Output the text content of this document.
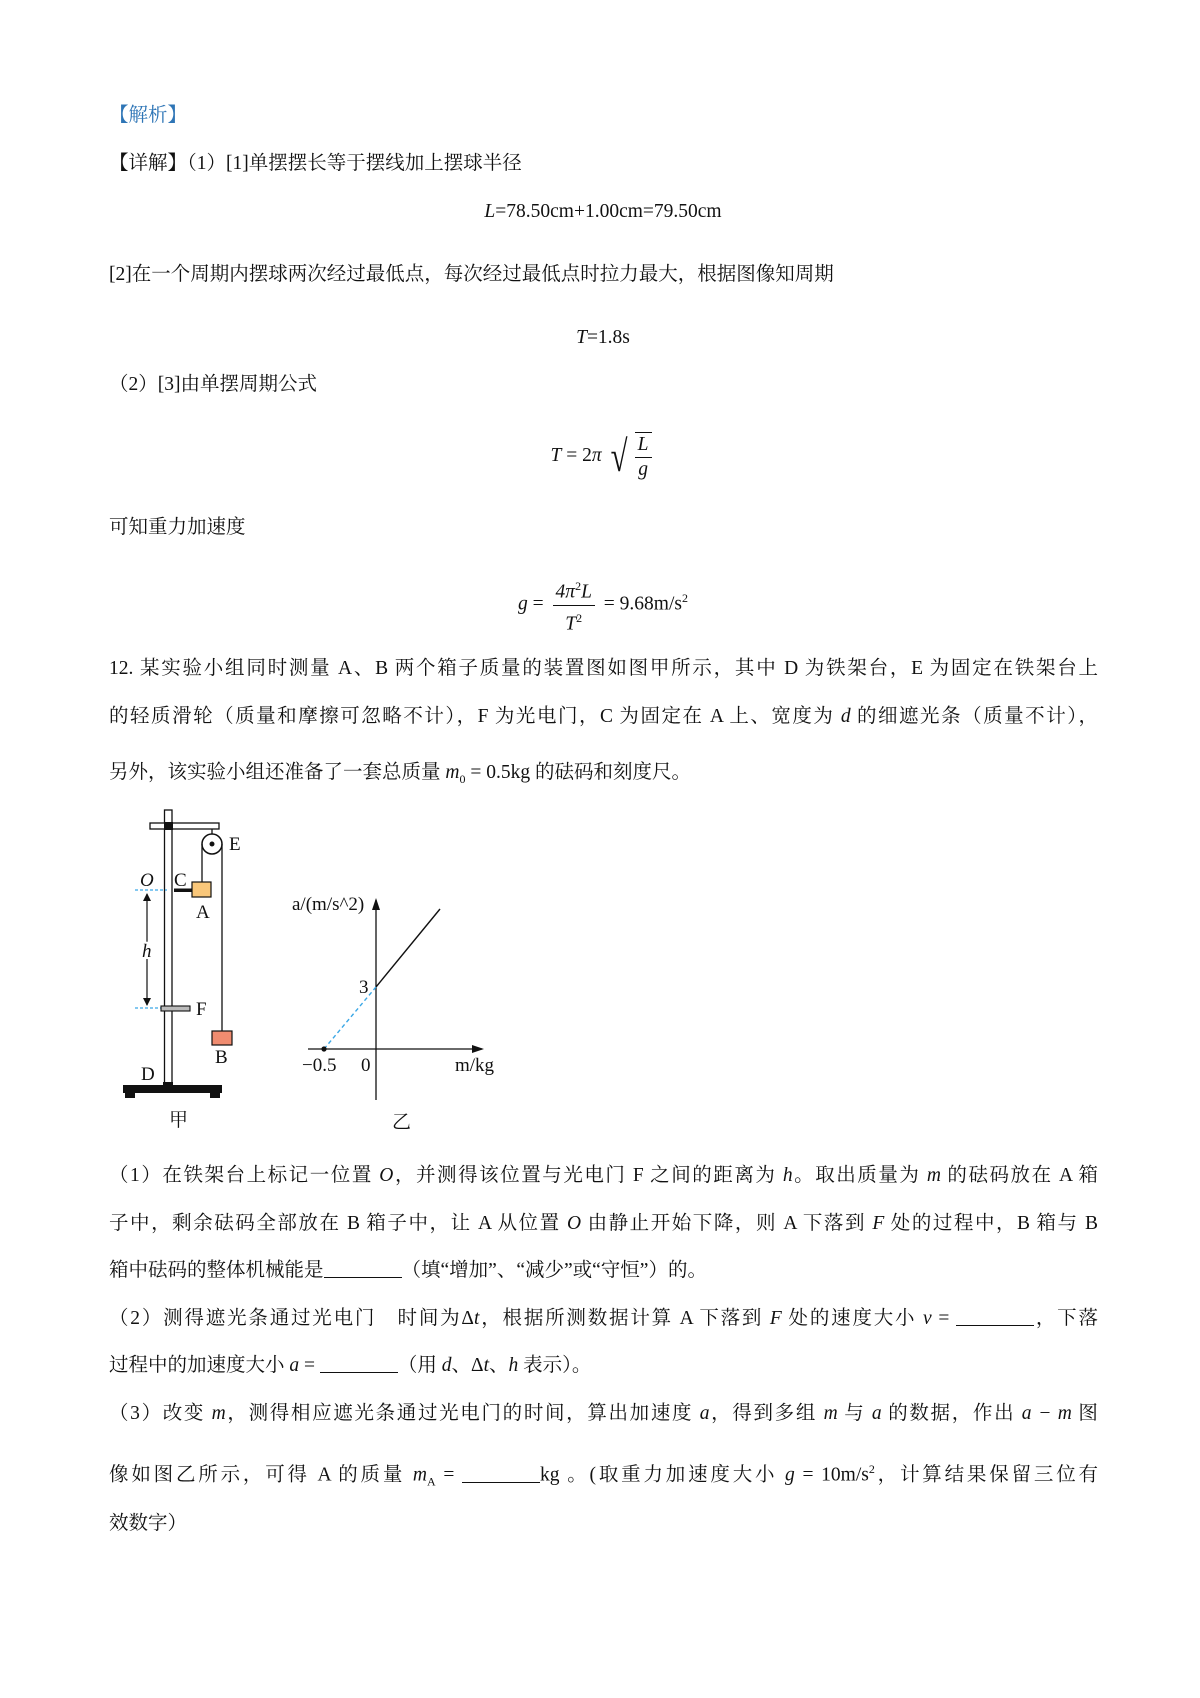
【解析】
【详解】（1）[1]单摆摆长等于摆线加上摆球半径
L=78.50cm+1.00cm=79.50cm
[2]在一个周期内摆球两次经过最低点，每次经过最低点时拉力最大，根据图像知周期
T=1.8s
（2）[3]由单摆周期公式
T = 2π √ $\frac{L}{g}$
可知重力加速度
$g = \frac{4\pi^2L}{T^2} = 9.68m/s^2$
12. 某实验小组同时测量 A、B 两个箱子质量的装置图如图甲所示，其中 D 为铁架台，E 为固定在铁架台上
的轻质滑轮（质量和摩擦可忽略不计），F 为光电门，C 为固定在 A 上、宽度为 d 的细遮光条（质量不计），
另外，该实验小组还准备了一套总质量 $m_0 = 0.5kg$ 的砝码和刻度尺。
E
O C
A
h
F
B
D
甲
a/(m/s^2)
3
−0.5 0	m/kg
乙
（1）在铁架台上标记一位置 O，并测得该位置与光电门 F 之间的距离为 h。取出质量为 m 的砝码放在 A 箱
子中，剩余砝码全部放在 B 箱子中，让 A 从位置 O 由静止开始下降，则 A 下落到 F 处的过程中，B 箱与 B
箱中砝码的整体机械能是	（填“增加”、“减少”或“守恒”）的。
（2）测得遮光条通过光电门　时间为Δt，根据所测数据计算 A 下落到 F 处的速度大小 v =	，下落
过程中的加速度大小 a =	（用 d、Δt、h 表示）。
（3）改变 m，测得相应遮光条通过光电门的时间，算出加速度 a，得到多组 m 与 a 的数据，作出 a − m 图
像如图乙所示，可得 A 的质量 $m_A$ =	kg 。(取重力加速度大小 $g = 10m/s^2$，计算结果保留三位有
效数字）
